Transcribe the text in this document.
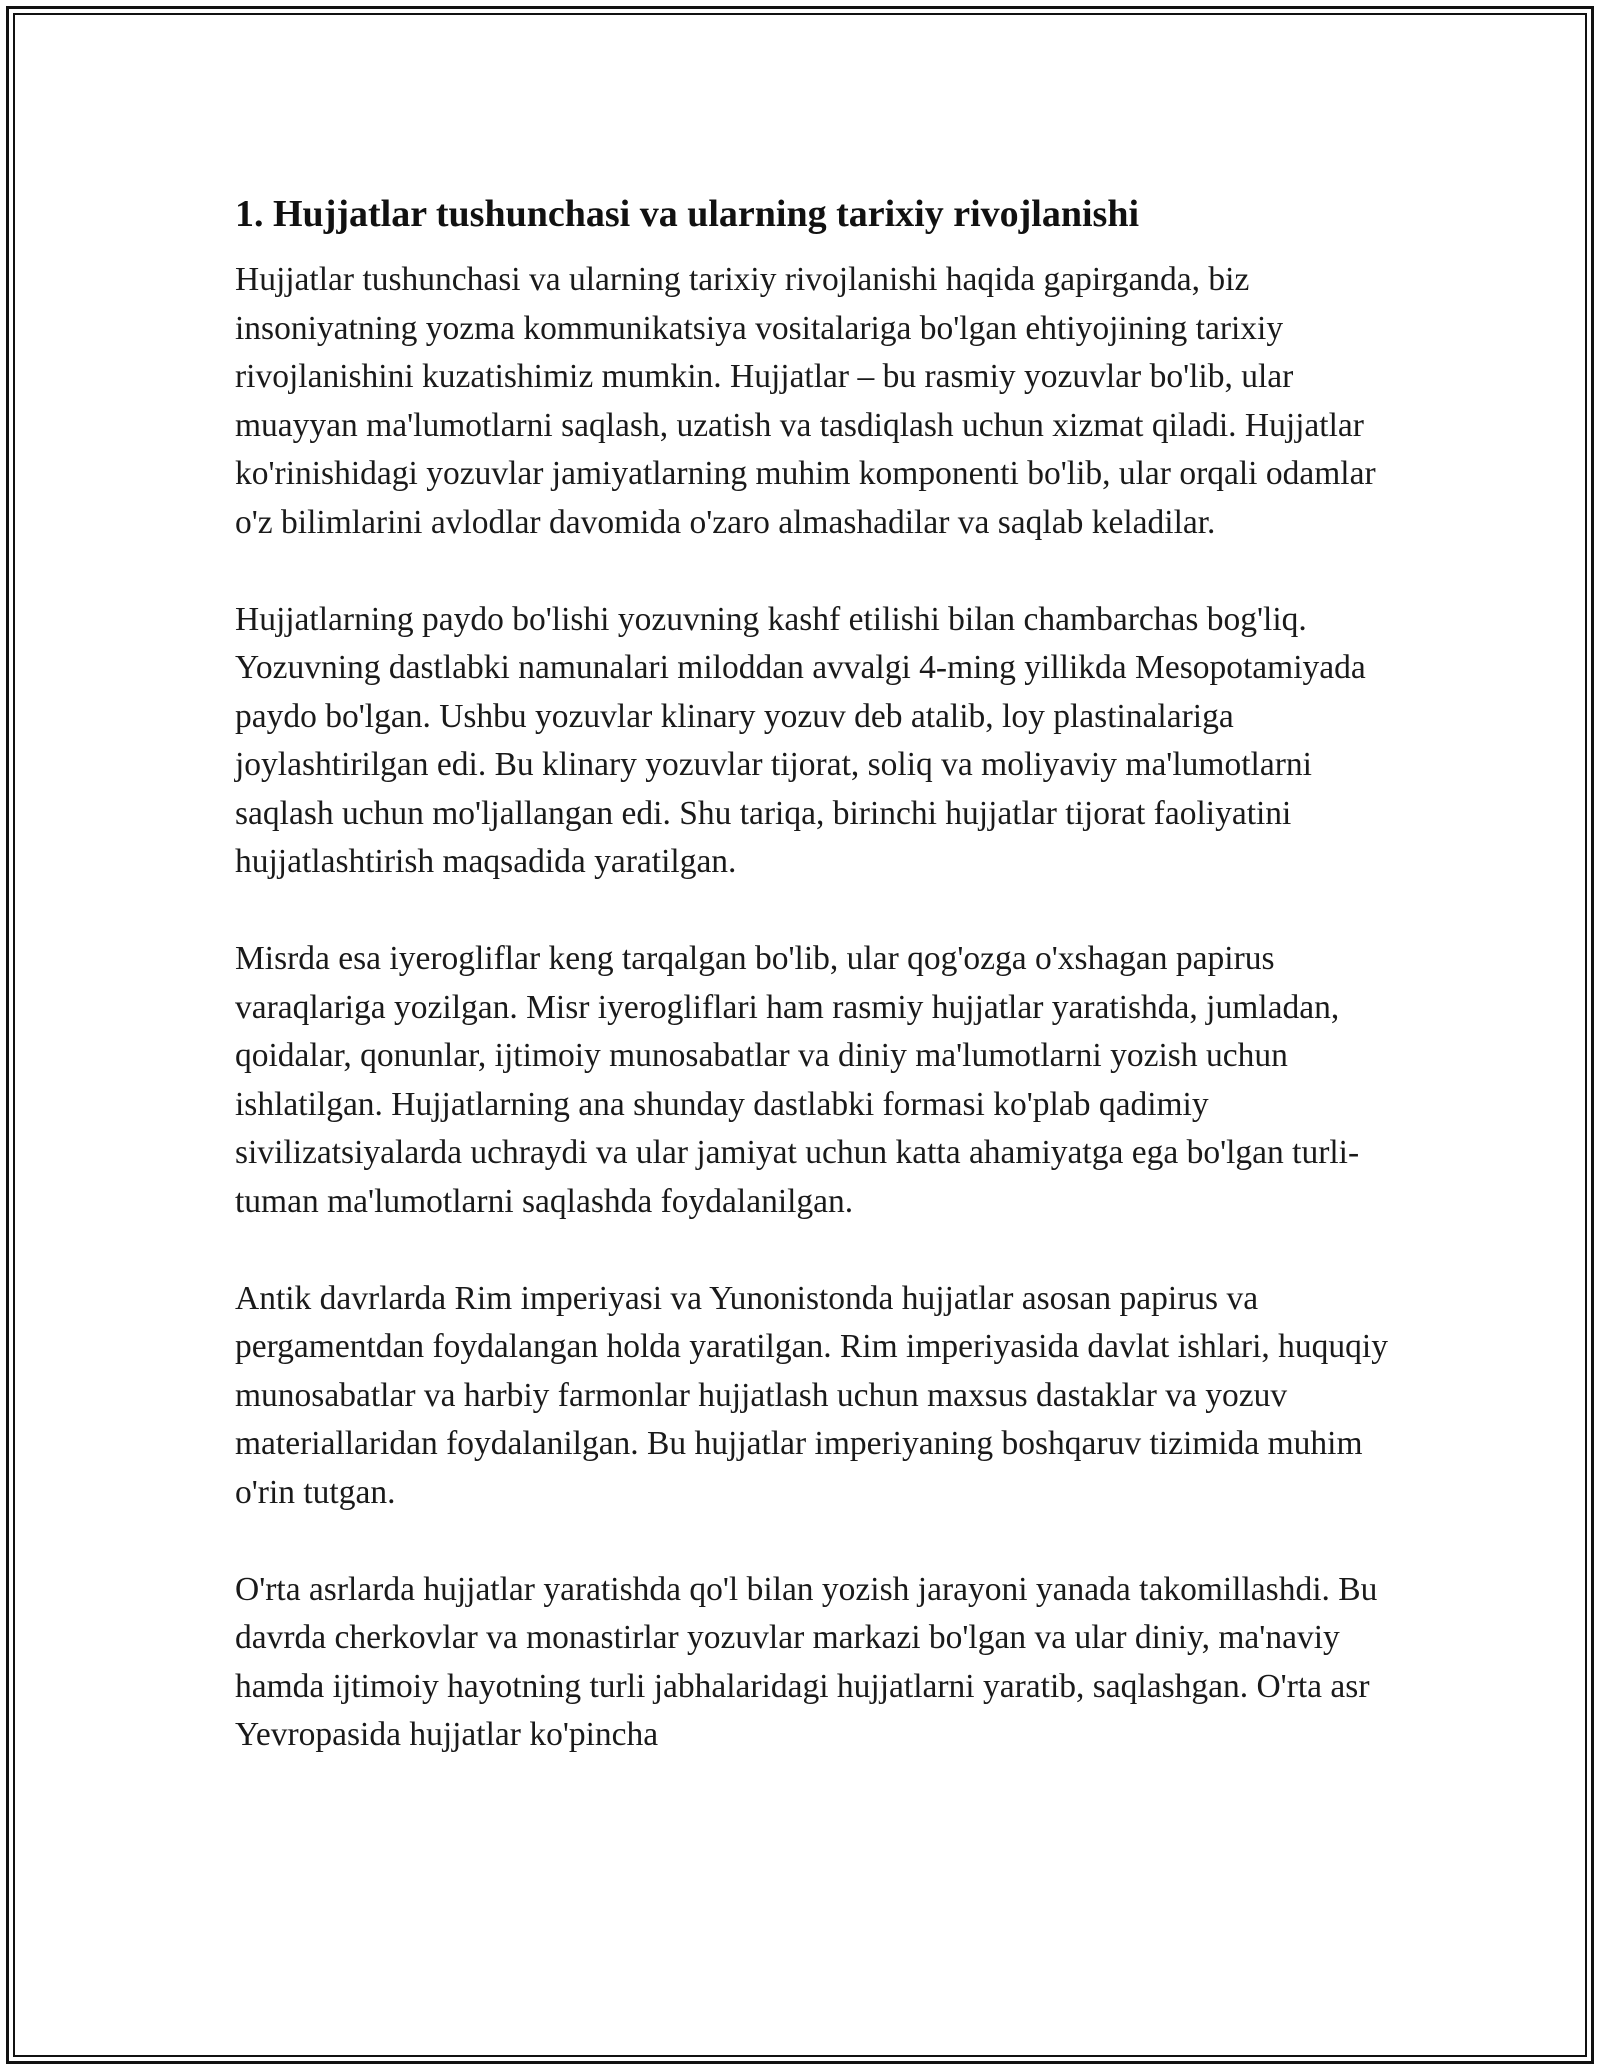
1. Hujjatlar tushunchasi va ularning tarixiy rivojlanishi

Hujjatlar tushunchasi va ularning tarixiy rivojlanishi haqida gapirganda, biz insoniyatning yozma kommunikatsiya vositalariga bo'lgan ehtiyojining tarixiy rivojlanishini kuzatishimiz mumkin. Hujjatlar – bu rasmiy yozuvlar bo'lib, ular muayyan ma'lumotlarni saqlash, uzatish va tasdiqlash uchun xizmat qiladi. Hujjatlar ko'rinishidagi yozuvlar jamiyatlarning muhim komponenti bo'lib, ular orqali odamlar o'z bilimlarini avlodlar davomida o'zaro almashadilar va saqlab keladilar.

Hujjatlarning paydo bo'lishi yozuvning kashf etilishi bilan chambarchas bog'liq. Yozuvning dastlabki namunalari miloddan avvalgi 4-ming yillikda Mesopotamiyada paydo bo'lgan. Ushbu yozuvlar klinary yozuv deb atalib, loy plastinalariga joylashtirilgan edi. Bu klinary yozuvlar tijorat, soliq va moliyaviy ma'lumotlarni saqlash uchun mo'ljallangan edi. Shu tariqa, birinchi hujjatlar tijorat faoliyatini hujjatlashtirish maqsadida yaratilgan.

Misrda esa iyerogliflar keng tarqalgan bo'lib, ular qog'ozga o'xshagan papirus varaqlariga yozilgan. Misr iyerogliflari ham rasmiy hujjatlar yaratishda, jumladan, qoidalar, qonunlar, ijtimoiy munosabatlar va diniy ma'lumotlarni yozish uchun ishlatilgan. Hujjatlarning ana shunday dastlabki formasi ko'plab qadimiy sivilizatsiyalarda uchraydi va ular jamiyat uchun katta ahamiyatga ega bo'lgan turli-tuman ma'lumotlarni saqlashda foydalanilgan.

Antik davrlarda Rim imperiyasi va Yunonistonda hujjatlar asosan papirus va pergamentdan foydalangan holda yaratilgan. Rim imperiyasida davlat ishlari, huquqiy munosabatlar va harbiy farmonlar hujjatlash uchun maxsus dastaklar va yozuv materiallaridan foydalanilgan. Bu hujjatlar imperiyaning boshqaruv tizimida muhim o'rin tutgan.

O'rta asrlarda hujjatlar yaratishda qo'l bilan yozish jarayoni yanada takomillashdi. Bu davrda cherkovlar va monastirlar yozuvlar markazi bo'lgan va ular diniy, ma'naviy hamda ijtimoiy hayotning turli jabhalaridagi hujjatlarni yaratib, saqlashgan. O'rta asr Yevropasida hujjatlar ko'pincha
